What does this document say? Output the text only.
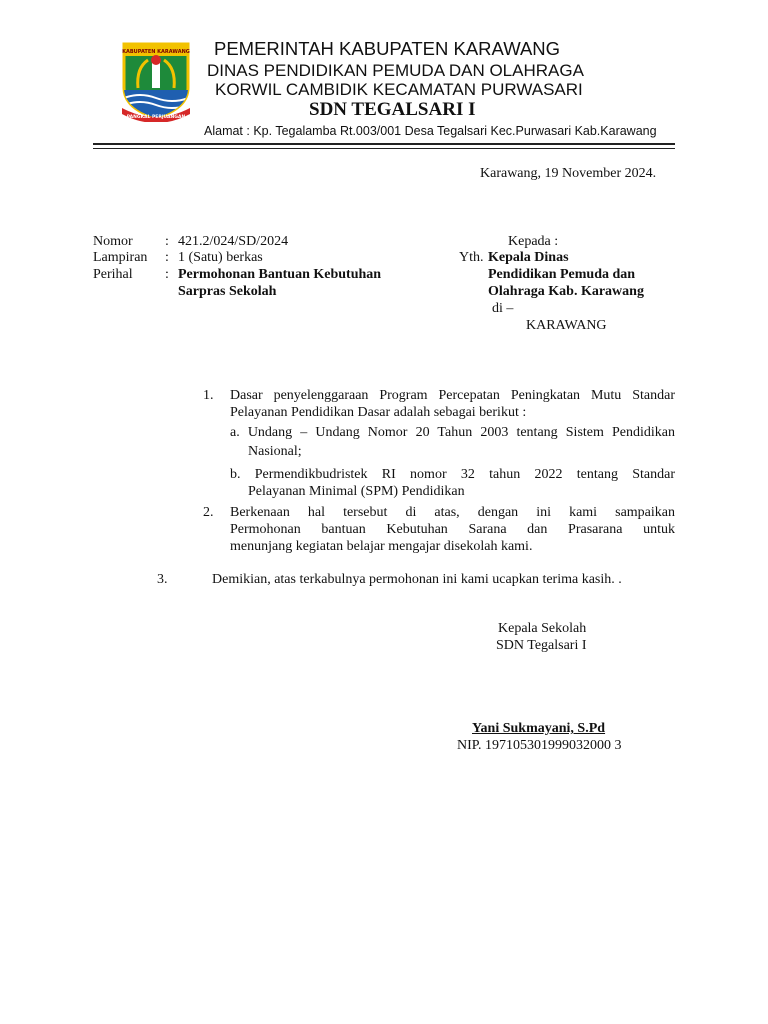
KABUPATEN KARAWANG
PANGKAL PERJUANGAN
PEMERINTAH KABUPATEN KARAWANG
DINAS PENDIDIKAN PEMUDA DAN OLAHRAGA
KORWIL CAMBIDIK KECAMATAN PURWASARI
SDN TEGALSARI I
Alamat : Kp. Tegalamba Rt.003/001 Desa Tegalsari Kec.Purwasari Kab.Karawang
Karawang, 19 November 2024.
Nomor : 421.2/024/SD/2024
Lampiran : 1 (Satu) berkas
Perihal : Permohonan Bantuan Kebutuhan
Sarpras Sekolah
Kepada :
Yth. Kepala Dinas
Pendidikan Pemuda dan
Olahraga Kab. Karawang
di –
KARAWANG
1. Dasar penyelenggaraan Program Percepatan Peningkatan Mutu Standar
Pelayanan Pendidikan Dasar adalah sebagai berikut :
a. Undang – Undang Nomor 20 Tahun 2003 tentang Sistem Pendidikan
Nasional;
b. Permendikbudristek RI nomor 32 tahun 2022 tentang Standar
Pelayanan Minimal (SPM) Pendidikan
2. Berkenaan hal tersebut di atas, dengan ini kami sampaikan
Permohonan bantuan Kebutuhan Sarana dan Prasarana untuk
menunjang kegiatan belajar mengajar disekolah kami.
3.	Demikian, atas terkabulnya permohonan ini kami ucapkan terima kasih. .
Kepala Sekolah
SDN Tegalsari I
Yani Sukmayani, S.Pd
NIP. 197105301999032000 3
